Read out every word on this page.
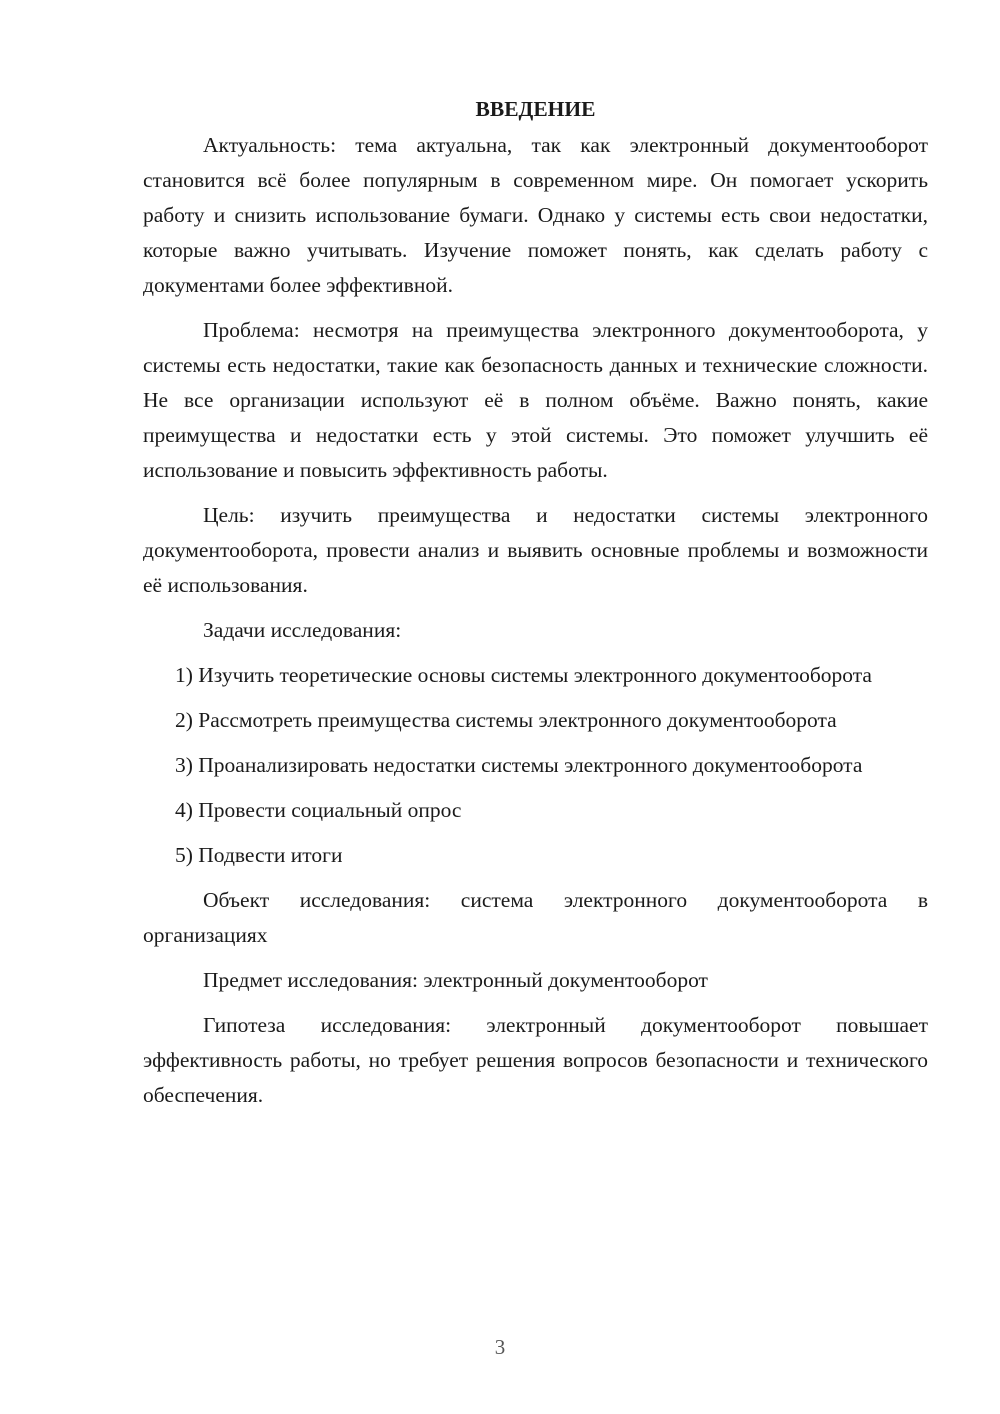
ВВЕДЕНИЕ

Актуальность: тема актуальна, так как электронный документооборот становится всё более популярным в современном мире. Он помогает ускорить работу и снизить использование бумаги. Однако у системы есть свои недостатки, которые важно учитывать. Изучение поможет понять, как сделать работу с документами более эффективной.

Проблема: несмотря на преимущества электронного документооборота, у системы есть недостатки, такие как безопасность данных и технические сложности. Не все организации используют её в полном объёме. Важно понять, какие преимущества и недостатки есть у этой системы. Это поможет улучшить её использование и повысить эффективность работы.

Цель: изучить преимущества и недостатки системы электронного документооборота, провести анализ и выявить основные проблемы и возможности её использования.

Задачи исследования:

1) Изучить теоретические основы системы электронного документооборота

2) Рассмотреть преимущества системы электронного документооборота

3) Проанализировать недостатки системы электронного документооборота

4) Провести социальный опрос

5) Подвести итоги

Объект исследования: система электронного документооборота в организациях

Предмет исследования: электронный документооборот

Гипотеза исследования: электронный документооборот повышает эффективность работы, но требует решения вопросов безопасности и технического обеспечения.

3
